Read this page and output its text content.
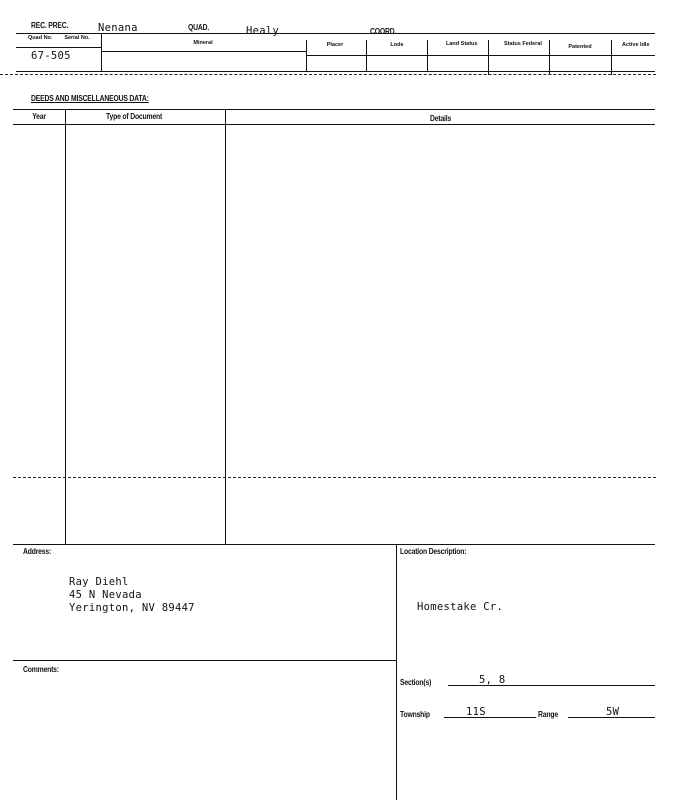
REC. PREC.	Nenana	QUAD.	Healy	COORD.
Quad No. Serial No.
Mineral	Placer	Lode	Land Status	Status Federal	Patented	Active Idle
67-505
DEEDS AND MISCELLANEOUS DATA:
Year	Type of Document	Details
Address:
Ray Diehl
45 N Nevada
Yerington, NV 89447
Comments:
Location Description:
Homestake Cr.
Section(s)	5, 8
Township	11S	Range	5W
